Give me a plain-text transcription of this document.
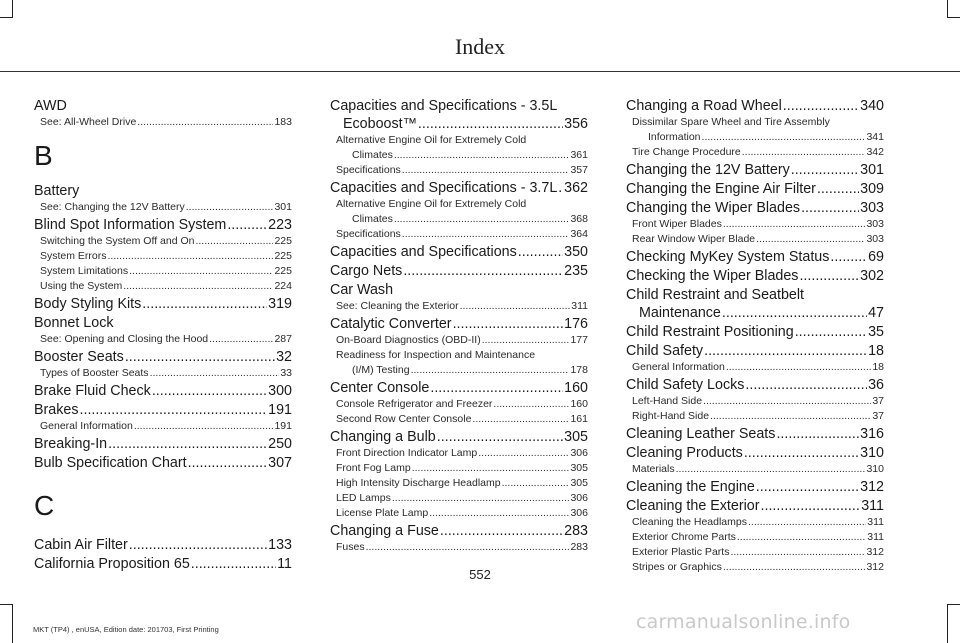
Index
AWD
See: All-Wheel Drive .....	183
B
Battery
See: Changing the 12V Battery .....	301
Blind Spot Information System .....	223
Switching the System Off and On .....	225
System Errors .....	225
System Limitations .....	225
Using the System .....	224
Body Styling Kits .....	319
Bonnet Lock
See: Opening and Closing the Hood .....	287
Booster Seats .....	32
Types of Booster Seats .....	33
Brake Fluid Check .....	300
Brakes .....	191
General Information .....	191
Breaking-In .....	250
Bulb Specification Chart .....	307
C
Cabin Air Filter .....	133
California Proposition 65 .....	11
Capacities and Specifications - 3.5L
Ecoboost™ .....	356
Alternative Engine Oil for Extremely Cold
Climates .....	361
Specifications .....	357
Capacities and Specifications - 3.7L ..... 362
Alternative Engine Oil for Extremely Cold
Climates .....	368
Specifications .....	364
Capacities and Specifications .....	350
Cargo Nets .....	235
Car Wash
See: Cleaning the Exterior .....	311
Catalytic Converter .....	176
On-Board Diagnostics (OBD-II) .....	177
Readiness for Inspection and Maintenance
(I/M) Testing .....	178
Center Console .....	160
Console Refrigerator and Freezer .....	160
Second Row Center Console .....	161
Changing a Bulb .....	305
Front Direction Indicator Lamp .....	306
Front Fog Lamp .....	305
High Intensity Discharge Headlamp .....	305
LED Lamps .....	306
License Plate Lamp .....	306
Changing a Fuse .....	283
Fuses .....	283
Changing a Road Wheel .....	340
Dissimilar Spare Wheel and Tire Assembly
Information .....	341
Tire Change Procedure .....	342
Changing the 12V Battery .....	301
Changing the Engine Air Filter .....	309
Changing the Wiper Blades .....	303
Front Wiper Blades .....	303
Rear Window Wiper Blade .....	303
Checking MyKey System Status .....	69
Checking the Wiper Blades .....	302
Child Restraint and Seatbelt
Maintenance .....	47
Child Restraint Positioning .....	35
Child Safety .....	18
General Information .....	18
Child Safety Locks .....	36
Left-Hand Side .....	37
Right-Hand Side .....	37
Cleaning Leather Seats .....	316
Cleaning Products .....	310
Materials .....	310
Cleaning the Engine .....	312
Cleaning the Exterior .....	311
Cleaning the Headlamps .....	311
Exterior Chrome Parts .....	311
Exterior Plastic Parts .....	312
Stripes or Graphics .....	312
552
MKT (TP4) , enUSA, Edition date: 201703, First Printing	carmanualsonline.info
